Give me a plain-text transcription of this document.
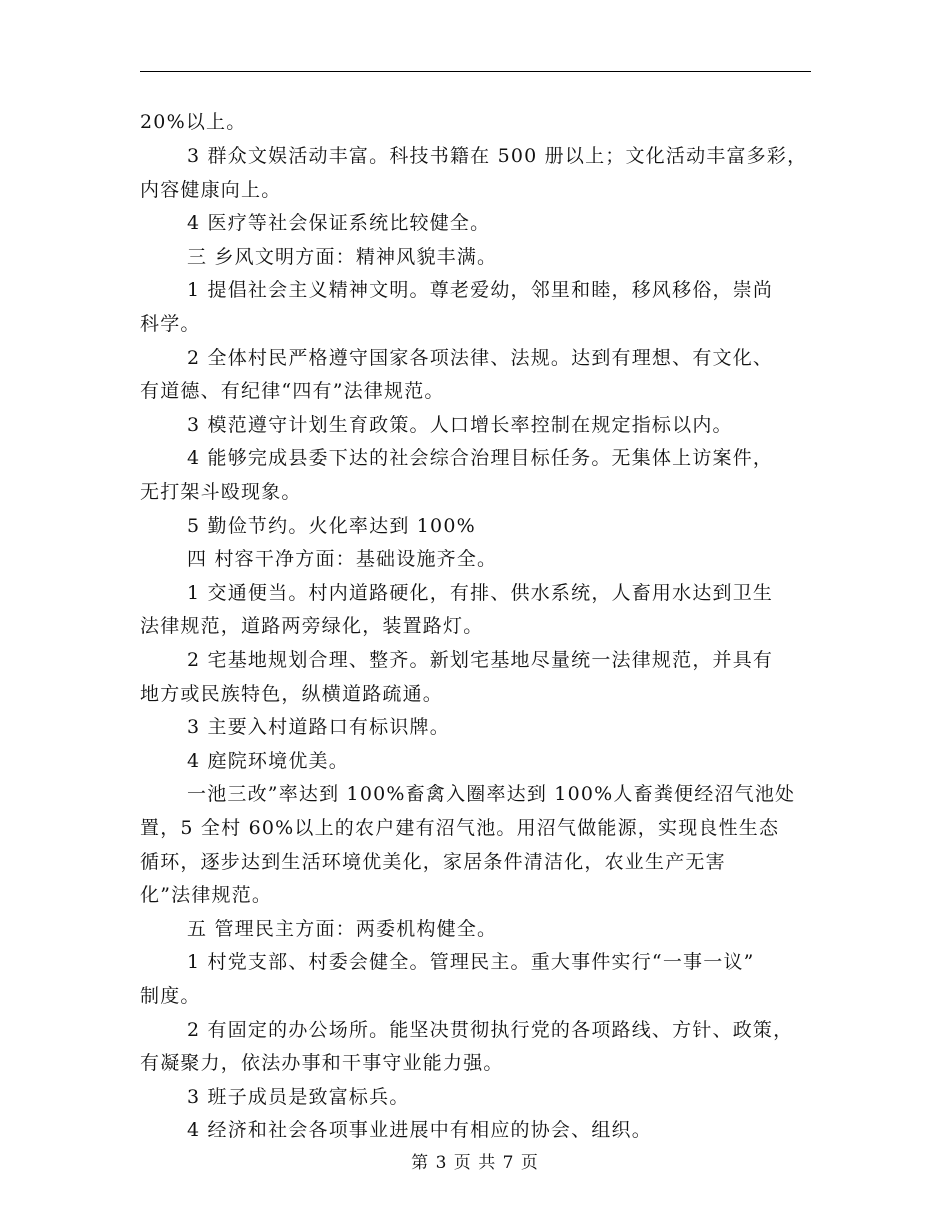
20%以上。
3 群众文娱活动丰富。科技书籍在 500 册以上；文化活动丰富多彩，
内容健康向上。
4 医疗等社会保证系统比较健全。
三 乡风文明方面：精神风貌丰满。
1 提倡社会主义精神文明。尊老爱幼，邻里和睦，移风移俗，崇尚
科学。
2 全体村民严格遵守国家各项法律、法规。达到有理想、有文化、
有道德、有纪律“四有”法律规范。
3 模范遵守计划生育政策。人口增长率控制在规定指标以内。
4 能够完成县委下达的社会综合治理目标任务。无集体上访案件，
无打架斗殴现象。
5 勤俭节约。火化率达到 100%
四 村容干净方面：基础设施齐全。
1 交通便当。村内道路硬化，有排、供水系统，人畜用水达到卫生
法律规范，道路两旁绿化，装置路灯。
2 宅基地规划合理、整齐。新划宅基地尽量统一法律规范，并具有
地方或民族特色，纵横道路疏通。
3 主要入村道路口有标识牌。
4 庭院环境优美。
一池三改”率达到 100%畜禽入圈率达到 100%人畜粪便经沼气池处
置，5 全村 60%以上的农户建有沼气池。用沼气做能源，实现良性生态
循环，逐步达到生活环境优美化，家居条件清洁化，农业生产无害
化”法律规范。
五 管理民主方面：两委机构健全。
1 村党支部、村委会健全。管理民主。重大事件实行“一事一议”
制度。
2 有固定的办公场所。能坚决贯彻执行党的各项路线、方针、政策，
有凝聚力，依法办事和干事守业能力强。
3 班子成员是致富标兵。
4 经济和社会各项事业进展中有相应的协会、组织。
第 3 页 共 7 页
